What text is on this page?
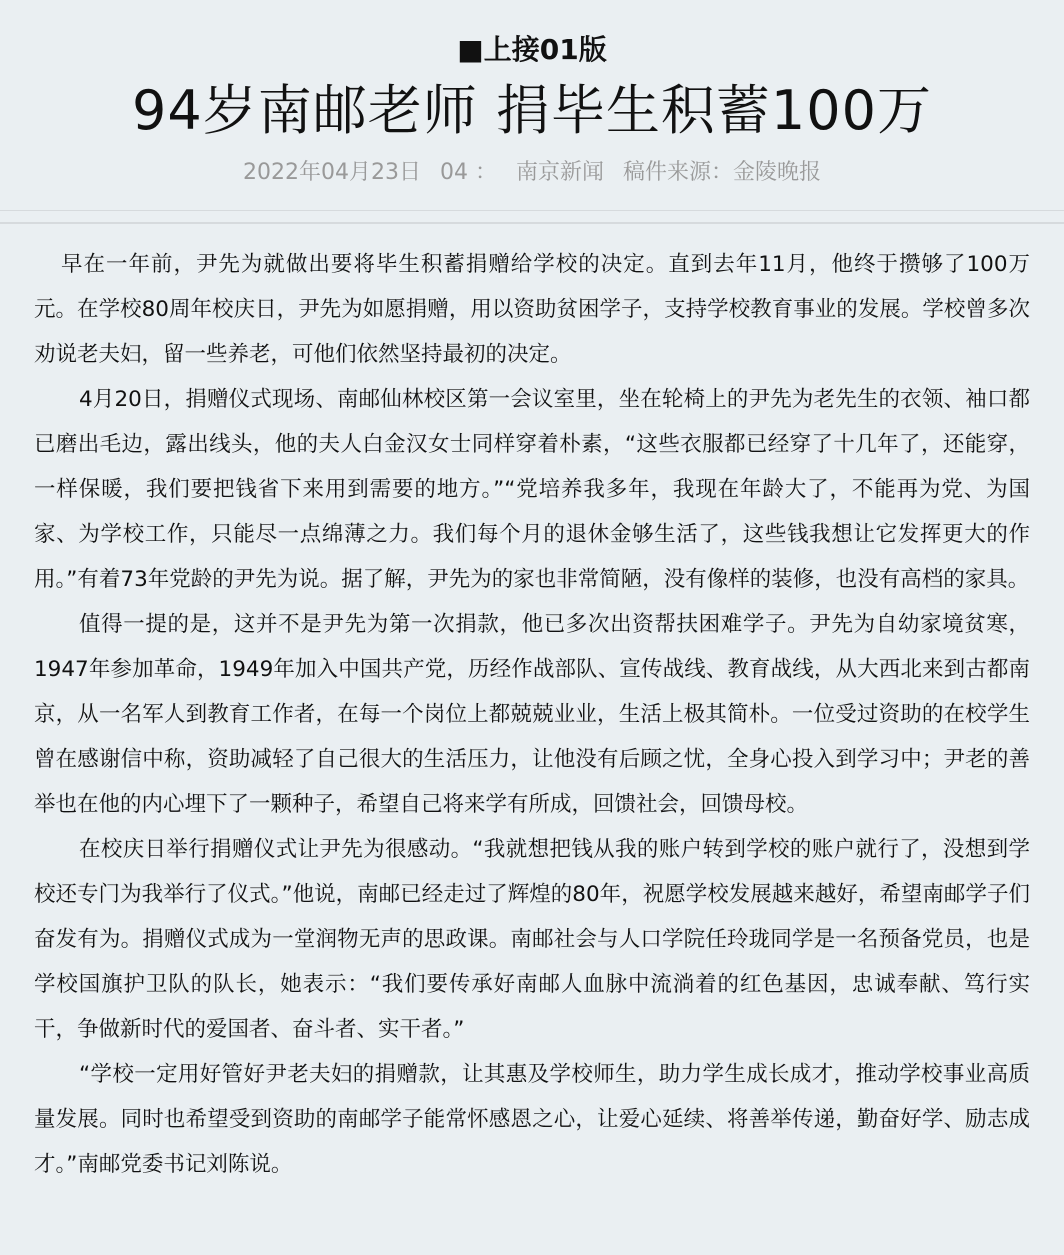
■上接01版
94岁南邮老师 捐毕生积蓄100万
2022年04月23日 04 ： 南京新闻 稿件来源：金陵晚报

早在一年前，尹先为就做出要将毕生积蓄捐赠给学校的决定。直到去年11月，他终于攒够了100万元。在学校80周年校庆日，尹先为如愿捐赠，用以资助贫困学子，支持学校教育事业的发展。学校曾多次劝说老夫妇，留一些养老，可他们依然坚持最初的决定。

4月20日，捐赠仪式现场、南邮仙林校区第一会议室里，坐在轮椅上的尹先为老先生的衣领、袖口都已磨出毛边，露出线头，他的夫人白金汉女士同样穿着朴素，“这些衣服都已经穿了十几年了，还能穿，一样保暖，我们要把钱省下来用到需要的地方。”“党培养我多年，我现在年龄大了，不能再为党、为国家、为学校工作，只能尽一点绵薄之力。我们每个月的退休金够生活了，这些钱我想让它发挥更大的作用。”有着73年党龄的尹先为说。据了解，尹先为的家也非常简陋，没有像样的装修，也没有高档的家具。

值得一提的是，这并不是尹先为第一次捐款，他已多次出资帮扶困难学子。尹先为自幼家境贫寒，1947年参加革命，1949年加入中国共产党，历经作战部队、宣传战线、教育战线，从大西北来到古都南京，从一名军人到教育工作者，在每一个岗位上都兢兢业业，生活上极其简朴。一位受过资助的在校学生曾在感谢信中称，资助减轻了自己很大的生活压力，让他没有后顾之忧，全身心投入到学习中；尹老的善举也在他的内心埋下了一颗种子，希望自己将来学有所成，回馈社会，回馈母校。

在校庆日举行捐赠仪式让尹先为很感动。“我就想把钱从我的账户转到学校的账户就行了，没想到学校还专门为我举行了仪式。”他说，南邮已经走过了辉煌的80年，祝愿学校发展越来越好，希望南邮学子们奋发有为。捐赠仪式成为一堂润物无声的思政课。南邮社会与人口学院任玲珑同学是一名预备党员，也是学校国旗护卫队的队长，她表示：“我们要传承好南邮人血脉中流淌着的红色基因，忠诚奉献、笃行实干，争做新时代的爱国者、奋斗者、实干者。”

“学校一定用好管好尹老夫妇的捐赠款，让其惠及学校师生，助力学生成长成才，推动学校事业高质量发展。同时也希望受到资助的南邮学子能常怀感恩之心，让爱心延续、将善举传递，勤奋好学、励志成才。”南邮党委书记刘陈说。
